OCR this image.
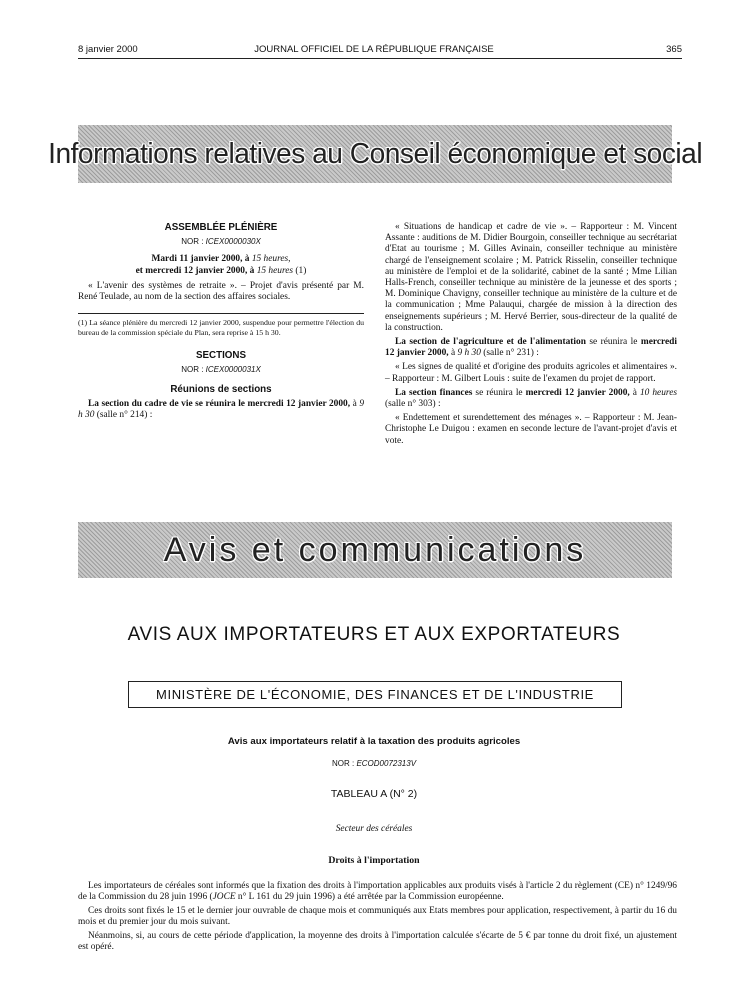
8 janvier 2000	JOURNAL OFFICIEL DE LA RÉPUBLIQUE FRANÇAISE	365
Informations relatives au Conseil économique et social
ASSEMBLÉE PLÉNIÈRE
NOR : ICEX0000030X
Mardi 11 janvier 2000, à 15 heures,
et mercredi 12 janvier 2000, à 15 heures (1)

« L'avenir des systèmes de retraite ». – Projet d'avis présenté par M. René Teulade, au nom de la section des affaires sociales.

(1) La séance plénière du mercredi 12 janvier 2000, suspendue pour permettre l'élection du bureau de la commission spéciale du Plan, sera reprise à 15 h 30.
SECTIONS
NOR : ICEX0000031X
Réunions de sections

La section du cadre de vie se réunira le mercredi 12 janvier 2000, à 9 h 30 (salle n° 214) :

« Situations de handicap et cadre de vie ». – Rapporteur : M. Vincent Assante : auditions de M. Didier Bourgoin, conseiller technique au secrétariat d'Etat au tourisme ; M. Gilles Avinain, conseiller technique au ministère chargé de l'enseignement scolaire ; M. Patrick Risselin, conseiller technique au ministère de l'emploi et de la solidarité, cabinet de la santé ; Mme Lilian Halls-French, conseiller technique au ministère de la jeunesse et des sports ; M. Dominique Chavigny, conseiller technique au ministère de la culture et de la communication ; Mme Palauqui, chargée de mission à la direction des enseignements supérieurs ; M. Hervé Berrier, sous-directeur de la qualité de la construction.

La section de l'agriculture et de l'alimentation se réunira le mercredi 12 janvier 2000, à 9 h 30 (salle n° 231) :

« Les signes de qualité et d'origine des produits agricoles et alimentaires ». – Rapporteur : M. Gilbert Louis : suite de l'examen du projet de rapport.

La section finances se réunira le mercredi 12 janvier 2000, à 10 heures (salle n° 303) :

« Endettement et surendettement des ménages ». – Rapporteur : M. Jean-Christophe Le Duigou : examen en seconde lecture de l'avant-projet d'avis et vote.

Avis et communications
AVIS AUX IMPORTATEURS ET AUX EXPORTATEURS
MINISTÈRE DE L'ÉCONOMIE, DES FINANCES ET DE L'INDUSTRIE
Avis aux importateurs relatif à la taxation des produits agricoles
NOR : ECOD0072313V
TABLEAU A (N° 2)
Secteur des céréales
Droits à l'importation

Les importateurs de céréales sont informés que la fixation des droits à l'importation applicables aux produits visés à l'article 2 du règlement (CE) n° 1249/96 de la Commission du 28 juin 1996 (JOCE n° L 161 du 29 juin 1996) a été arrêtée par la Commission européenne.

Ces droits sont fixés le 15 et le dernier jour ouvrable de chaque mois et communiqués aux Etats membres pour application, respectivement, à partir du 16 du mois et du premier jour du mois suivant.

Néanmoins, si, au cours de cette période d'application, la moyenne des droits à l'importation calculée s'écarte de 5 € par tonne du droit fixé, un ajustement est opéré.
